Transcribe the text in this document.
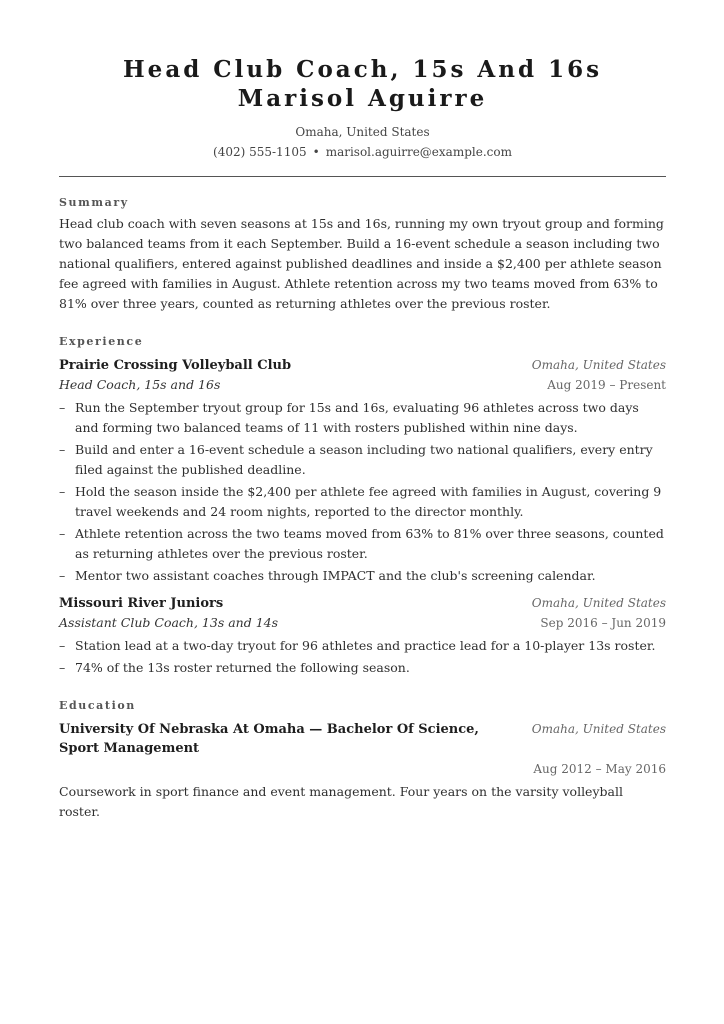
Head Club Coach, 15s And 16s
Marisol Aguirre
Omaha, United States
(402) 555-1105 • marisol.aguirre@example.com
Summary

Head club coach with seven seasons at 15s and 16s, running my own tryout group and forming two balanced teams from it each September. Build a 16-event schedule a season including two national qualifiers, entered against published deadlines and inside a $2,400 per athlete season fee agreed with families in August. Athlete retention across my two teams moved from 63% to 81% over three years, counted as returning athletes over the previous roster.

Experience
Prairie Crossing Volleyball Club	Omaha, United States
Head Coach, 15s and 16s	Aug 2019 – Present
– Run the September tryout group for 15s and 16s, evaluating 96 athletes across two days and forming two balanced teams of 11 with rosters published within nine days.
– Build and enter a 16-event schedule a season including two national qualifiers, every entry filed against the published deadline.
– Hold the season inside the $2,400 per athlete fee agreed with families in August, covering 9 travel weekends and 24 room nights, reported to the director monthly.
– Athlete retention across the two teams moved from 63% to 81% over three seasons, counted as returning athletes over the previous roster.
– Mentor two assistant coaches through IMPACT and the club's screening calendar.
Missouri River Juniors	Omaha, United States
Assistant Club Coach, 13s and 14s	Sep 2016 – Jun 2019
– Station lead at a two-day tryout for 96 athletes and practice lead for a 10-player 13s roster.
– 74% of the 13s roster returned the following season.
Education
University Of Nebraska At Omaha — Bachelor Of Science, Sport Management
Omaha, United States
Aug 2012 – May 2016

Coursework in sport finance and event management. Four years on the varsity volleyball roster.
